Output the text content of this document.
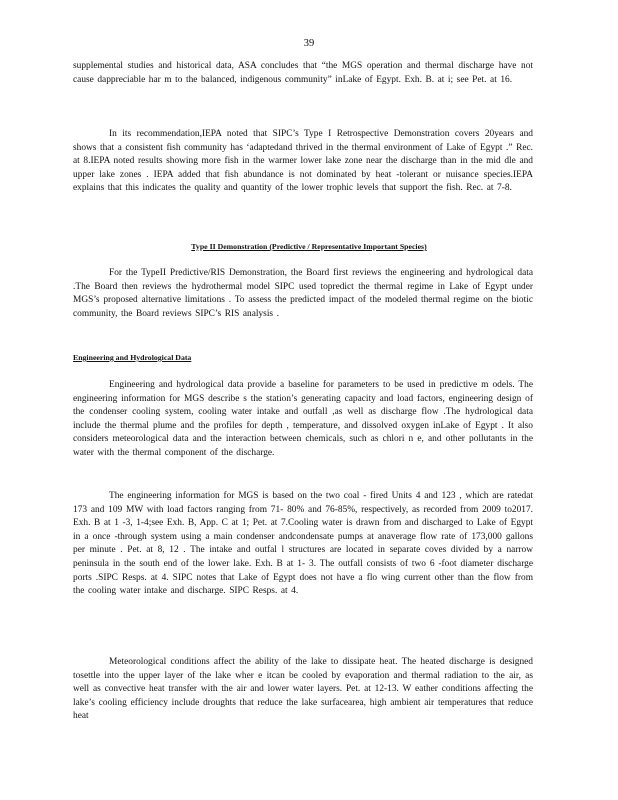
39

supplemental studies and historical data, ASA concludes that “the MGS operation and thermal discharge have not cause dappreciable har m to the balanced, indigenous community” inLake of Egypt. Exh. B. at i; see Pet. at 16.

In its recommendation,IEPA noted that SIPC’s Type I Retrospective Demonstration covers 20years and shows that a consistent fish community has ‘adaptedand thrived in the thermal environment of Lake of Egypt .” Rec. at 8.IEPA noted results showing more fish in the warmer lower lake zone near the discharge than in the mid dle and upper lake zones . IEPA added that fish abundance is not dominated by heat -tolerant or nuisance species.IEPA explains that this indicates the quality and quantity of the lower trophic levels that support the fish. Rec. at 7-8.

Type II Demonstration (Predictive / Representative Important Species)

For the TypeII Predictive/RIS Demonstration, the Board first reviews the engineering and hydrological data .The Board then reviews the hydrothermal model SIPC used topredict the thermal regime in Lake of Egypt under MGS’s proposed alternative limitations . To assess the predicted impact of the modeled thermal regime on the biotic community, the Board reviews SIPC’s RIS analysis .

Engineering and Hydrological Data

Engineering and hydrological data provide a baseline for parameters to be used in predictive m odels. The engineering information for MGS describe s the station’s generating capacity and load factors, engineering design of the condenser cooling system, cooling water intake and outfall ,as well as discharge flow .The hydrological data include the thermal plume and the profiles for depth , temperature, and dissolved oxygen inLake of Egypt . It also considers meteorological data and the interaction between chemicals, such as chlori n e, and other pollutants in the water with the thermal component of the discharge.

The engineering information for MGS is based on the two coal - fired Units 4 and 123 , which are ratedat 173 and 109 MW with load factors ranging from 71- 80% and 76-85%, respectively, as recorded from 2009 to2017. Exh. B at 1 -3, 1-4;see Exh. B, App. C at 1; Pet. at 7.Cooling water is drawn from and discharged to Lake of Egypt in a once -through system using a main condenser andcondensate pumps at anaverage flow rate of 173,000 gallons per minute . Pet. at 8, 12 . The intake and outfal l structures are located in separate coves divided by a narrow peninsula in the south end of the lower lake. Exh. B at 1- 3. The outfall consists of two 6 -foot diameter discharge ports .SIPC Resps. at 4. SIPC notes that Lake of Egypt does not have a flo wing current other than the flow from the cooling water intake and discharge. SIPC Resps. at 4.

Meteorological conditions affect the ability of the lake to dissipate heat. The heated discharge is designed tosettle into the upper layer of the lake wher e itcan be cooled by evaporation and thermal radiation to the air, as well as convective heat transfer with the air and lower water layers. Pet. at 12-13. W eather conditions affecting the lake’s cooling efficiency include droughts that reduce the lake surfacearea, high ambient air temperatures that reduce heat
